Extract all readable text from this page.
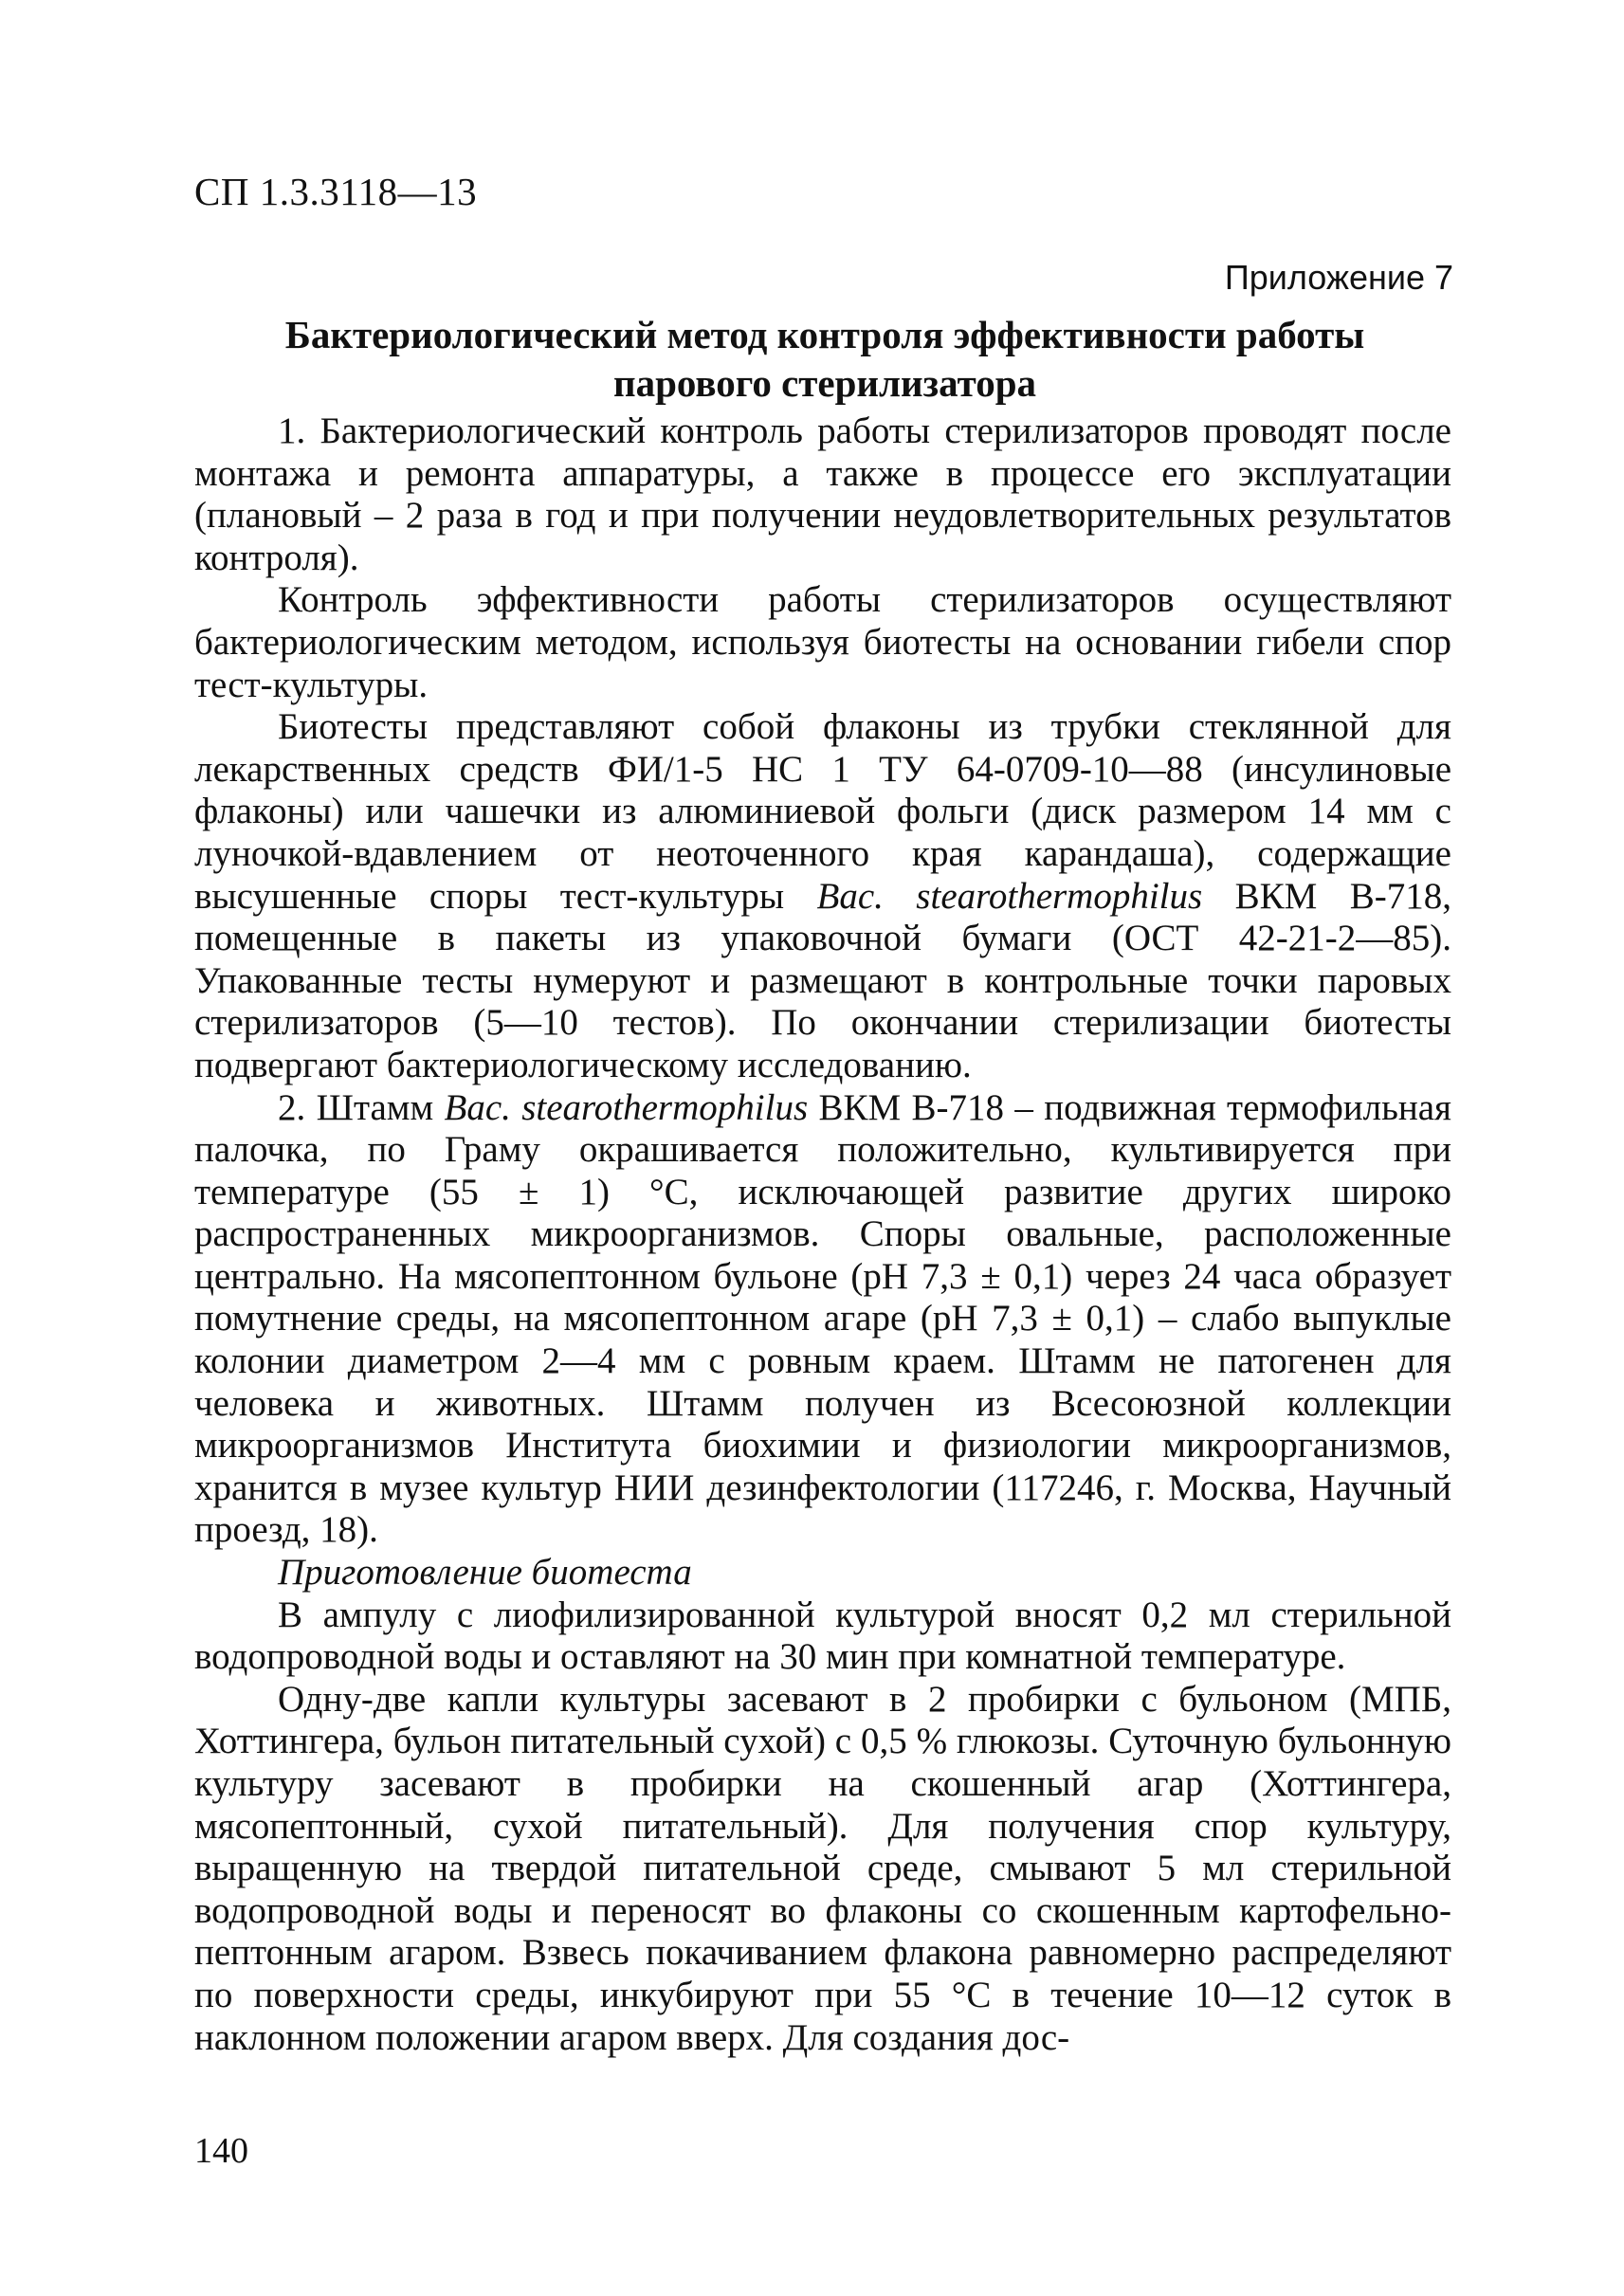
СП 1.3.3118—13
Приложение 7
Бактериологический метод контроля эффективности работы
парового стерилизатора

1. Бактериологический контроль работы стерилизаторов проводят после монтажа и ремонта аппаратуры, а также в процессе его эксплуатации (плановый – 2 раза в год и при получении неудовлетворительных результатов контроля).

Контроль эффективности работы стерилизаторов осуществляют бактериологическим методом, используя биотесты на основании гибели спор тест-культуры.

Биотесты представляют собой флаконы из трубки стеклянной для лекарственных средств ФИ/1-5 НС 1 ТУ 64-0709-10—88 (инсулиновые флаконы) или чашечки из алюминиевой фольги (диск размером 14 мм с луночкой-вдавлением от неоточенного края карандаша), содержащие высушенные споры тест-культуры Bac. stearothermophilus ВКМ В-718, помещенные в пакеты из упаковочной бумаги (ОСТ 42-21-2—85). Упакованные тесты нумеруют и размещают в контрольные точки паровых стерилизаторов (5—10 тестов). По окончании стерилизации биотесты подвергают бактериологическому исследованию.

2. Штамм Bac. stearothermophilus ВКМ В-718 – подвижная термофильная палочка, по Граму окрашивается положительно, культивируется при температуре (55 ± 1) °С, исключающей развитие других широко распространенных микроорганизмов. Споры овальные, расположенные центрально. На мясопептонном бульоне (рН 7,3 ± 0,1) через 24 часа образует помутнение среды, на мясопептонном агаре (рН 7,3 ± 0,1) – слабо выпуклые колонии диаметром 2—4 мм с ровным краем. Штамм не патогенен для человека и животных. Штамм получен из Всесоюзной коллекции микроорганизмов Института биохимии и физиологии микроорганизмов, хранится в музее культур НИИ дезинфектологии (117246, г. Москва, Научный проезд, 18).

Приготовление биотеста

В ампулу с лиофилизированной культурой вносят 0,2 мл стерильной водопроводной воды и оставляют на 30 мин при комнатной температуре.

Одну-две капли культуры засевают в 2 пробирки с бульоном (МПБ, Хоттингера, бульон питательный сухой) с 0,5 % глюкозы. Суточную бульонную культуру засевают в пробирки на скошенный агар (Хоттингера, мясопептонный, сухой питательный). Для получения спор культуру, выращенную на твердой питательной среде, смывают 5 мл стерильной водопроводной воды и переносят во флаконы со скошенным картофельно-пептонным агаром. Взвесь покачиванием флакона равномерно распределяют по поверхности среды, инкубируют при 55 °С в течение 10—12 суток в наклонном положении агаром вверх. Для создания дос-

140
